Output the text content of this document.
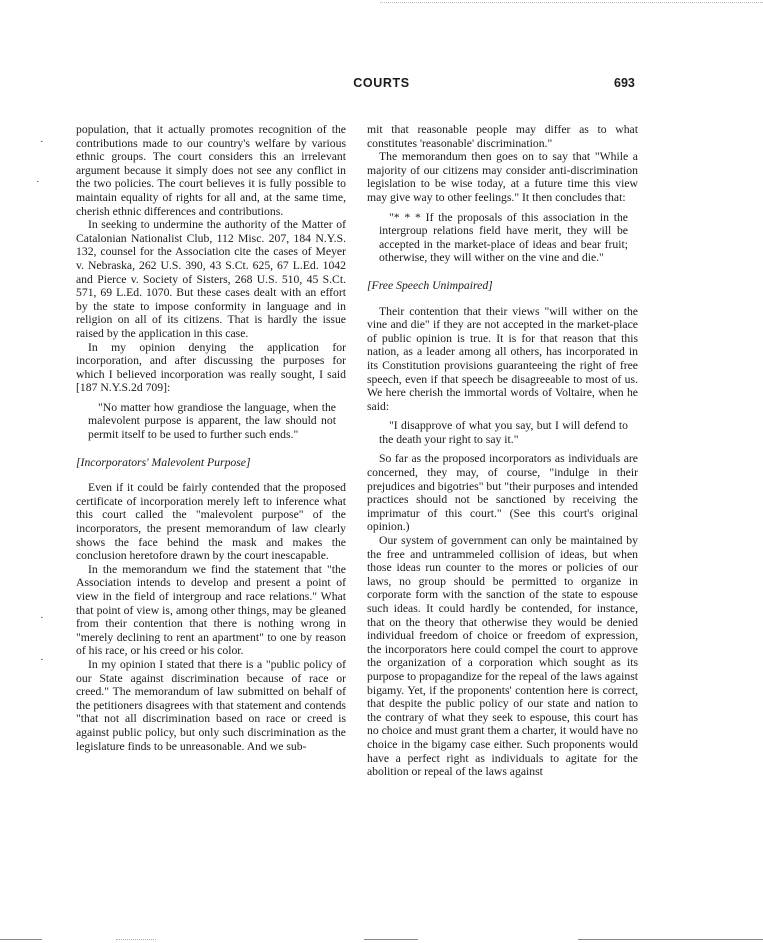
COURTS	693
·
·
·
·

population, that it actually promotes recognition of the contributions made to our country's welfare by various ethnic groups. The court considers this an irrelevant argument because it simply does not see any conflict in the two policies. The court believes it is fully possible to maintain equality of rights for all and, at the same time, cherish ethnic differences and contributions.

In seeking to undermine the authority of the Matter of Catalonian Nationalist Club, 112 Misc. 207, 184 N.Y.S. 132, counsel for the Association cite the cases of Meyer v. Nebraska, 262 U.S. 390, 43 S.Ct. 625, 67 L.Ed. 1042 and Pierce v. Society of Sisters, 268 U.S. 510, 45 S.Ct. 571, 69 L.Ed. 1070. But these cases dealt with an effort by the state to impose conformity in language and in religion on all of its citizens. That is hardly the issue raised by the application in this case.

In my opinion denying the application for incorporation, and after discussing the purposes for which I believed incorporation was really sought, I said [187 N.Y.S.2d 709]:

"No matter how grandiose the language, when the malevolent purpose is apparent, the law should not permit itself to be used to further such ends."

[Incorporators' Malevolent Purpose]

Even if it could be fairly contended that the proposed certificate of incorporation merely left to inference what this court called the "malevolent purpose" of the incorporators, the present memorandum of law clearly shows the face behind the mask and makes the conclusion heretofore drawn by the court inescapable.

In the memorandum we find the statement that "the Association intends to develop and present a point of view in the field of intergroup and race relations." What that point of view is, among other things, may be gleaned from their contention that there is nothing wrong in "merely declining to rent an apartment" to one by reason of his race, or his creed or his color.

In my opinion I stated that there is a "public policy of our State against discrimination because of race or creed." The memorandum of law submitted on behalf of the petitioners disagrees with that statement and contends "that not all discrimination based on race or creed is against public policy, but only such discrimination as the legislature finds to be unreasonable. And we sub-

mit that reasonable people may differ as to what constitutes 'reasonable' discrimination."

The memorandum then goes on to say that "While a majority of our citizens may consider anti-discrimination legislation to be wise today, at a future time this view may give way to other feelings." It then concludes that:

"* * * If the proposals of this association in the intergroup relations field have merit, they will be accepted in the market-place of ideas and bear fruit; otherwise, they will wither on the vine and die."

[Free Speech Unimpaired]

Their contention that their views "will wither on the vine and die" if they are not accepted in the market-place of public opinion is true. It is for that reason that this nation, as a leader among all others, has incorporated in its Constitution provisions guaranteeing the right of free speech, even if that speech be disagreeable to most of us. We here cherish the immortal words of Voltaire, when he said:

"I disapprove of what you say, but I will defend to the death your right to say it."

So far as the proposed incorporators as individuals are concerned, they may, of course, "indulge in their prejudices and bigotries" but "their purposes and intended practices should not be sanctioned by receiving the imprimatur of this court." (See this court's original opinion.)

Our system of government can only be maintained by the free and untrammeled collision of ideas, but when those ideas run counter to the mores or policies of our laws, no group should be permitted to organize in corporate form with the sanction of the state to espouse such ideas. It could hardly be contended, for instance, that on the theory that otherwise they would be denied individual freedom of choice or freedom of expression, the incorporators here could compel the court to approve the organization of a corporation which sought as its purpose to propagandize for the repeal of the laws against bigamy. Yet, if the proponents' contention here is correct, that despite the public policy of our state and nation to the contrary of what they seek to espouse, this court has no choice and must grant them a charter, it would have no choice in the bigamy case either. Such proponents would have a perfect right as individuals to agitate for the abolition or repeal of the laws against
